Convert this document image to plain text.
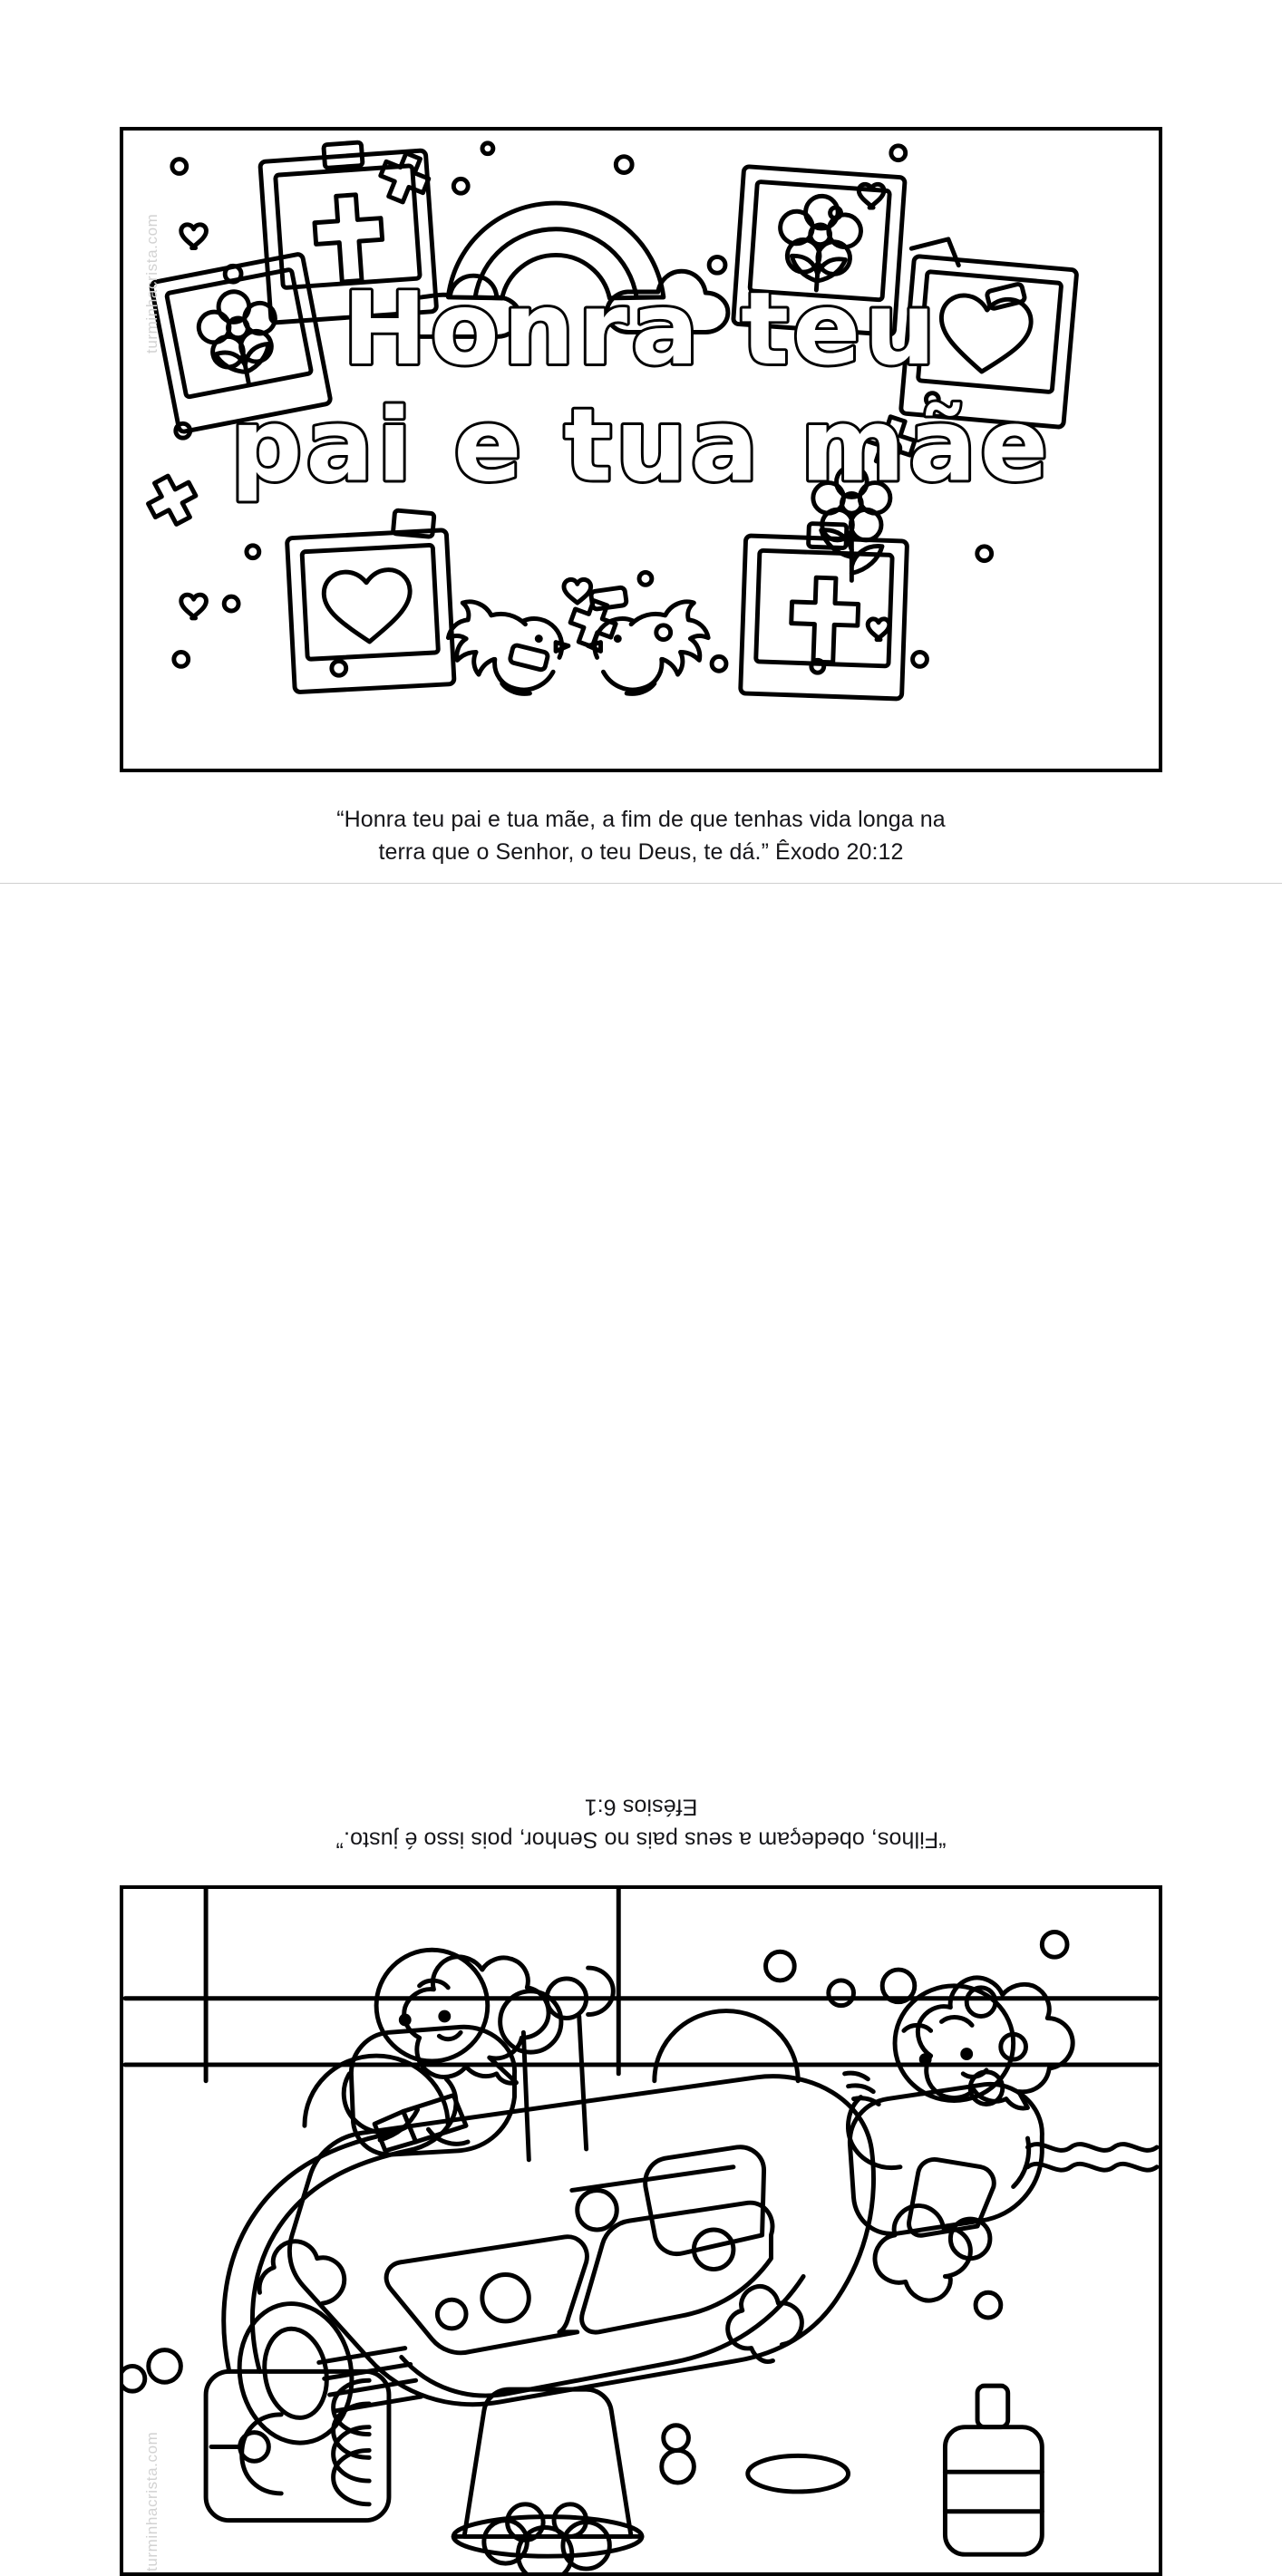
Honra teu
pai e tua mãe
turminhacrista.com
“Honra teu pai e tua mãe, a fim de que tenhas vida longa na
terra que o Senhor, o teu Deus, te dá.” Êxodo 20:12
“Filhos, obedeçam a seus pais no Senhor, pois isso é justo.”
Efésios 6:1
turminhacrista.com
